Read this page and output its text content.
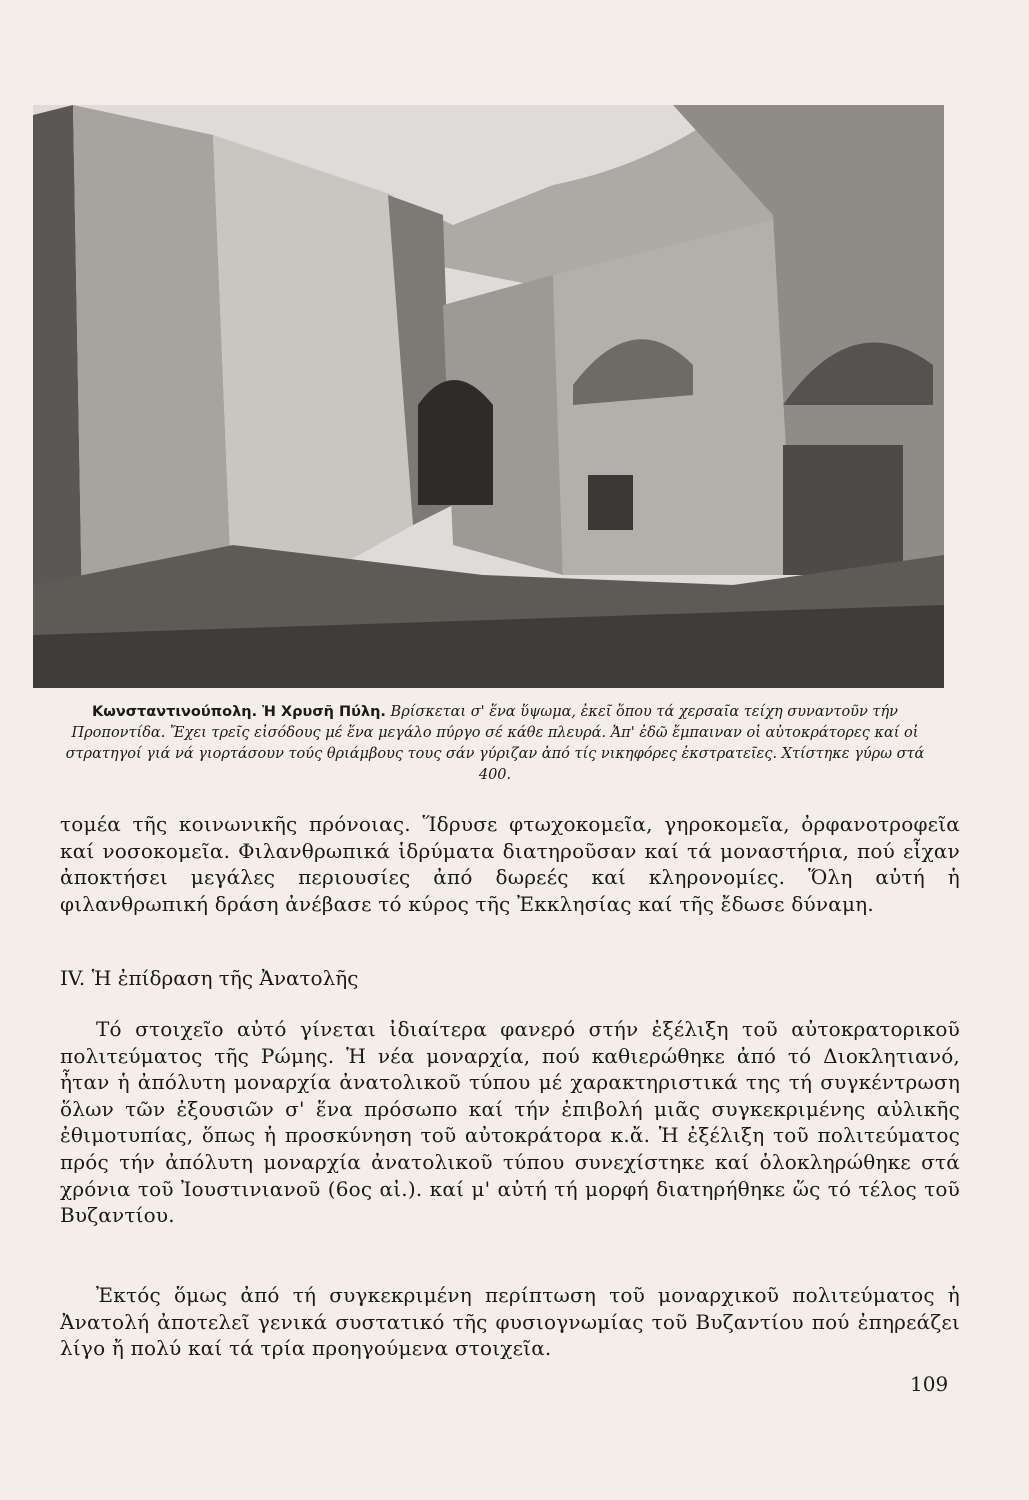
Κωνσταντινούπολη. Ἡ Χρυσῆ Πύλη. Βρίσκεται σ' ἕνα ὕψωμα, ἐκεῖ ὅπου τά χερσαῖα τείχη συναντοῦν τήν Προποντίδα. Ἔχει τρεῖς εἰσόδους μέ ἕνα μεγάλο πύργο σέ κάθε πλευρά. Ἀπ' ἐδῶ ἔμπαιναν οἱ αὐτοκράτορες καί οἱ στρατηγοί γιά νά γιορτάσουν τούς θριάμβους τους σάν γύριζαν ἀπό τίς νικηφόρες ἐκστρατεῖες. Χτίστηκε γύρω στά 400.
τομέα τῆς κοινωνικῆς πρόνοιας. Ἵδρυσε φτωχοκομεῖα, γηροκομεῖα, ὀρφανοτροφεῖα καί νοσοκομεῖα. Φιλανθρωπικά ἱδρύματα διατηροῦσαν καί τά μοναστήρια, πού εἶχαν ἀποκτήσει μεγάλες περιουσίες ἀπό δωρεές καί κληρονομίες. Ὅλη αὐτή ἡ φιλανθρωπική δράση ἀνέβασε τό κύρος τῆς Ἐκκλησίας καί τῆς ἔδωσε δύναμη.
IV. Ἡ ἐπίδραση τῆς Ἀνατολῆς
Τό στοιχεῖο αὐτό γίνεται ἰδιαίτερα φανερό στήν ἐξέλιξη τοῦ αὐτοκρατορικοῦ πολιτεύματος τῆς Ρώμης. Ἡ νέα μοναρχία, πού καθιερώθηκε ἀπό τό Διοκλητιανό, ἦταν ἡ ἀπόλυτη μοναρχία ἀνατολικοῦ τύπου μέ χαρακτηριστικά της τή συγκέντρωση ὅλων τῶν ἐξουσιῶν σ' ἕνα πρόσωπο καί τήν ἐπιβολή μιᾶς συγκεκριμένης αὐλικῆς ἐθιμοτυπίας, ὅπως ἡ προσκύνηση τοῦ αὐτοκράτορα κ.ἄ. Ἡ ἐξέλιξη τοῦ πολιτεύματος πρός τήν ἀπόλυτη μοναρχία ἀνατολικοῦ τύπου συνεχίστηκε καί ὁλοκληρώθηκε στά χρόνια τοῦ Ἰουστινιανοῦ (6ος αἰ.). καί μ' αὐτή τή μορφή διατηρήθηκε ὥς τό τέλος τοῦ Βυζαντίου.
Ἐκτός ὅμως ἀπό τή συγκεκριμένη περίπτωση τοῦ μοναρχικοῦ πολιτεύματος ἡ Ἀνατολή ἀποτελεῖ γενικά συστατικό τῆς φυσιογνωμίας τοῦ Βυζαντίου πού ἐπηρεάζει λίγο ἤ πολύ καί τά τρία προηγούμενα στοιχεῖα.
109
